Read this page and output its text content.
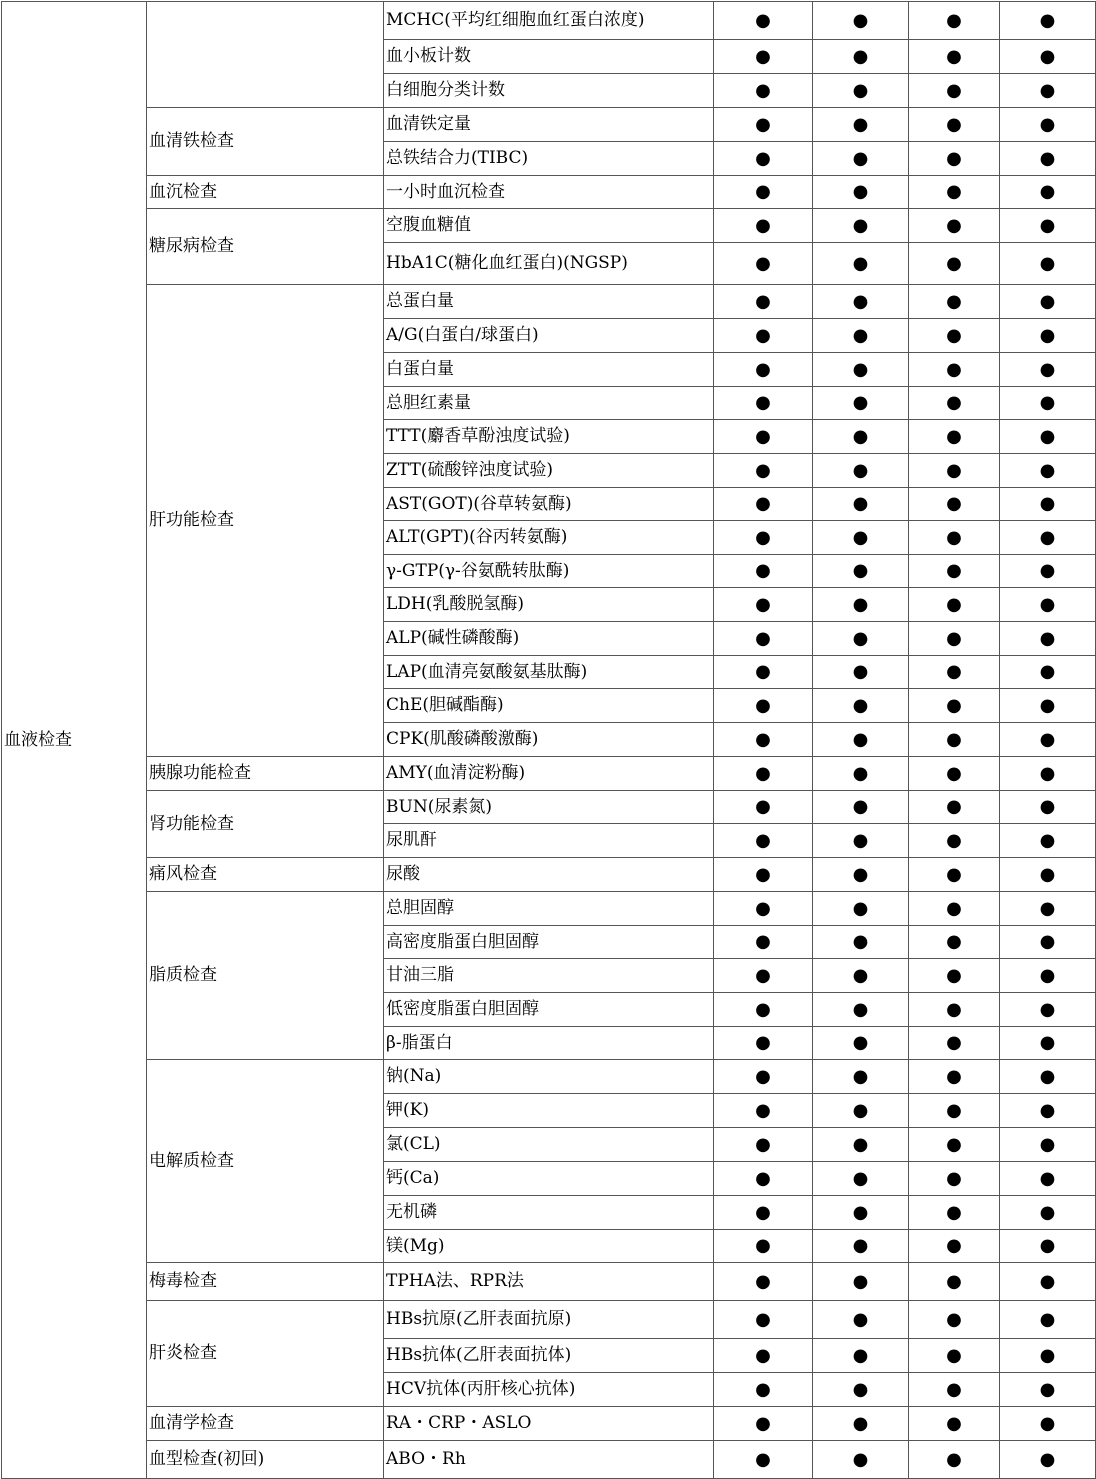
血液检查		MCHC(平均红细胞血红蛋白浓度)	●	●	●	●
		血小板计数	●	●	●	●
		白细胞分类计数	●	●	●	●
	血清铁检查	血清铁定量	●	●	●	●
		总铁结合力(TIBC)	●	●	●	●
	血沉检查	一小时血沉检查	●	●	●	●
	糖尿病检查	空腹血糖值	●	●	●	●
		HbA1C(糖化血红蛋白)(NGSP)	●	●	●	●
	肝功能检查	总蛋白量	●	●	●	●
		A/G(白蛋白/球蛋白)	●	●	●	●
		白蛋白量	●	●	●	●
		总胆红素量	●	●	●	●
		TTT(麝香草酚浊度试验)	●	●	●	●
		ZTT(硫酸锌浊度试验)	●	●	●	●
		AST(GOT)(谷草转氨酶)	●	●	●	●
		ALT(GPT)(谷丙转氨酶)	●	●	●	●
		γ-GTP(γ-谷氨酰转肽酶)	●	●	●	●
		LDH(乳酸脱氢酶)	●	●	●	●
		ALP(碱性磷酸酶)	●	●	●	●
		LAP(血清亮氨酸氨基肽酶)	●	●	●	●
		ChE(胆碱酯酶)	●	●	●	●
		CPK(肌酸磷酸激酶)	●	●	●	●
	胰腺功能检查	AMY(血清淀粉酶)	●	●	●	●
	肾功能检查	BUN(尿素氮)	●	●	●	●
		尿肌酐	●	●	●	●
	痛风检查	尿酸	●	●	●	●
	脂质检查	总胆固醇	●	●	●	●
		高密度脂蛋白胆固醇	●	●	●	●
		甘油三脂	●	●	●	●
		低密度脂蛋白胆固醇	●	●	●	●
		β-脂蛋白	●	●	●	●
	电解质检查	钠(Na)	●	●	●	●
		钾(K)	●	●	●	●
		氯(CL)	●	●	●	●
		钙(Ca)	●	●	●	●
		无机磷	●	●	●	●
		镁(Mg)	●	●	●	●
	梅毒检查	TPHA法、RPR法	●	●	●	●
	肝炎检查	HBs抗原(乙肝表面抗原)	●	●	●	●
		HBs抗体(乙肝表面抗体)	●	●	●	●
		HCV抗体(丙肝核心抗体)	●	●	●	●
	血清学检查	RA・CRP・ASLO	●	●	●	●
	血型检查(初回)	ABO・Rh	●	●	●	●
